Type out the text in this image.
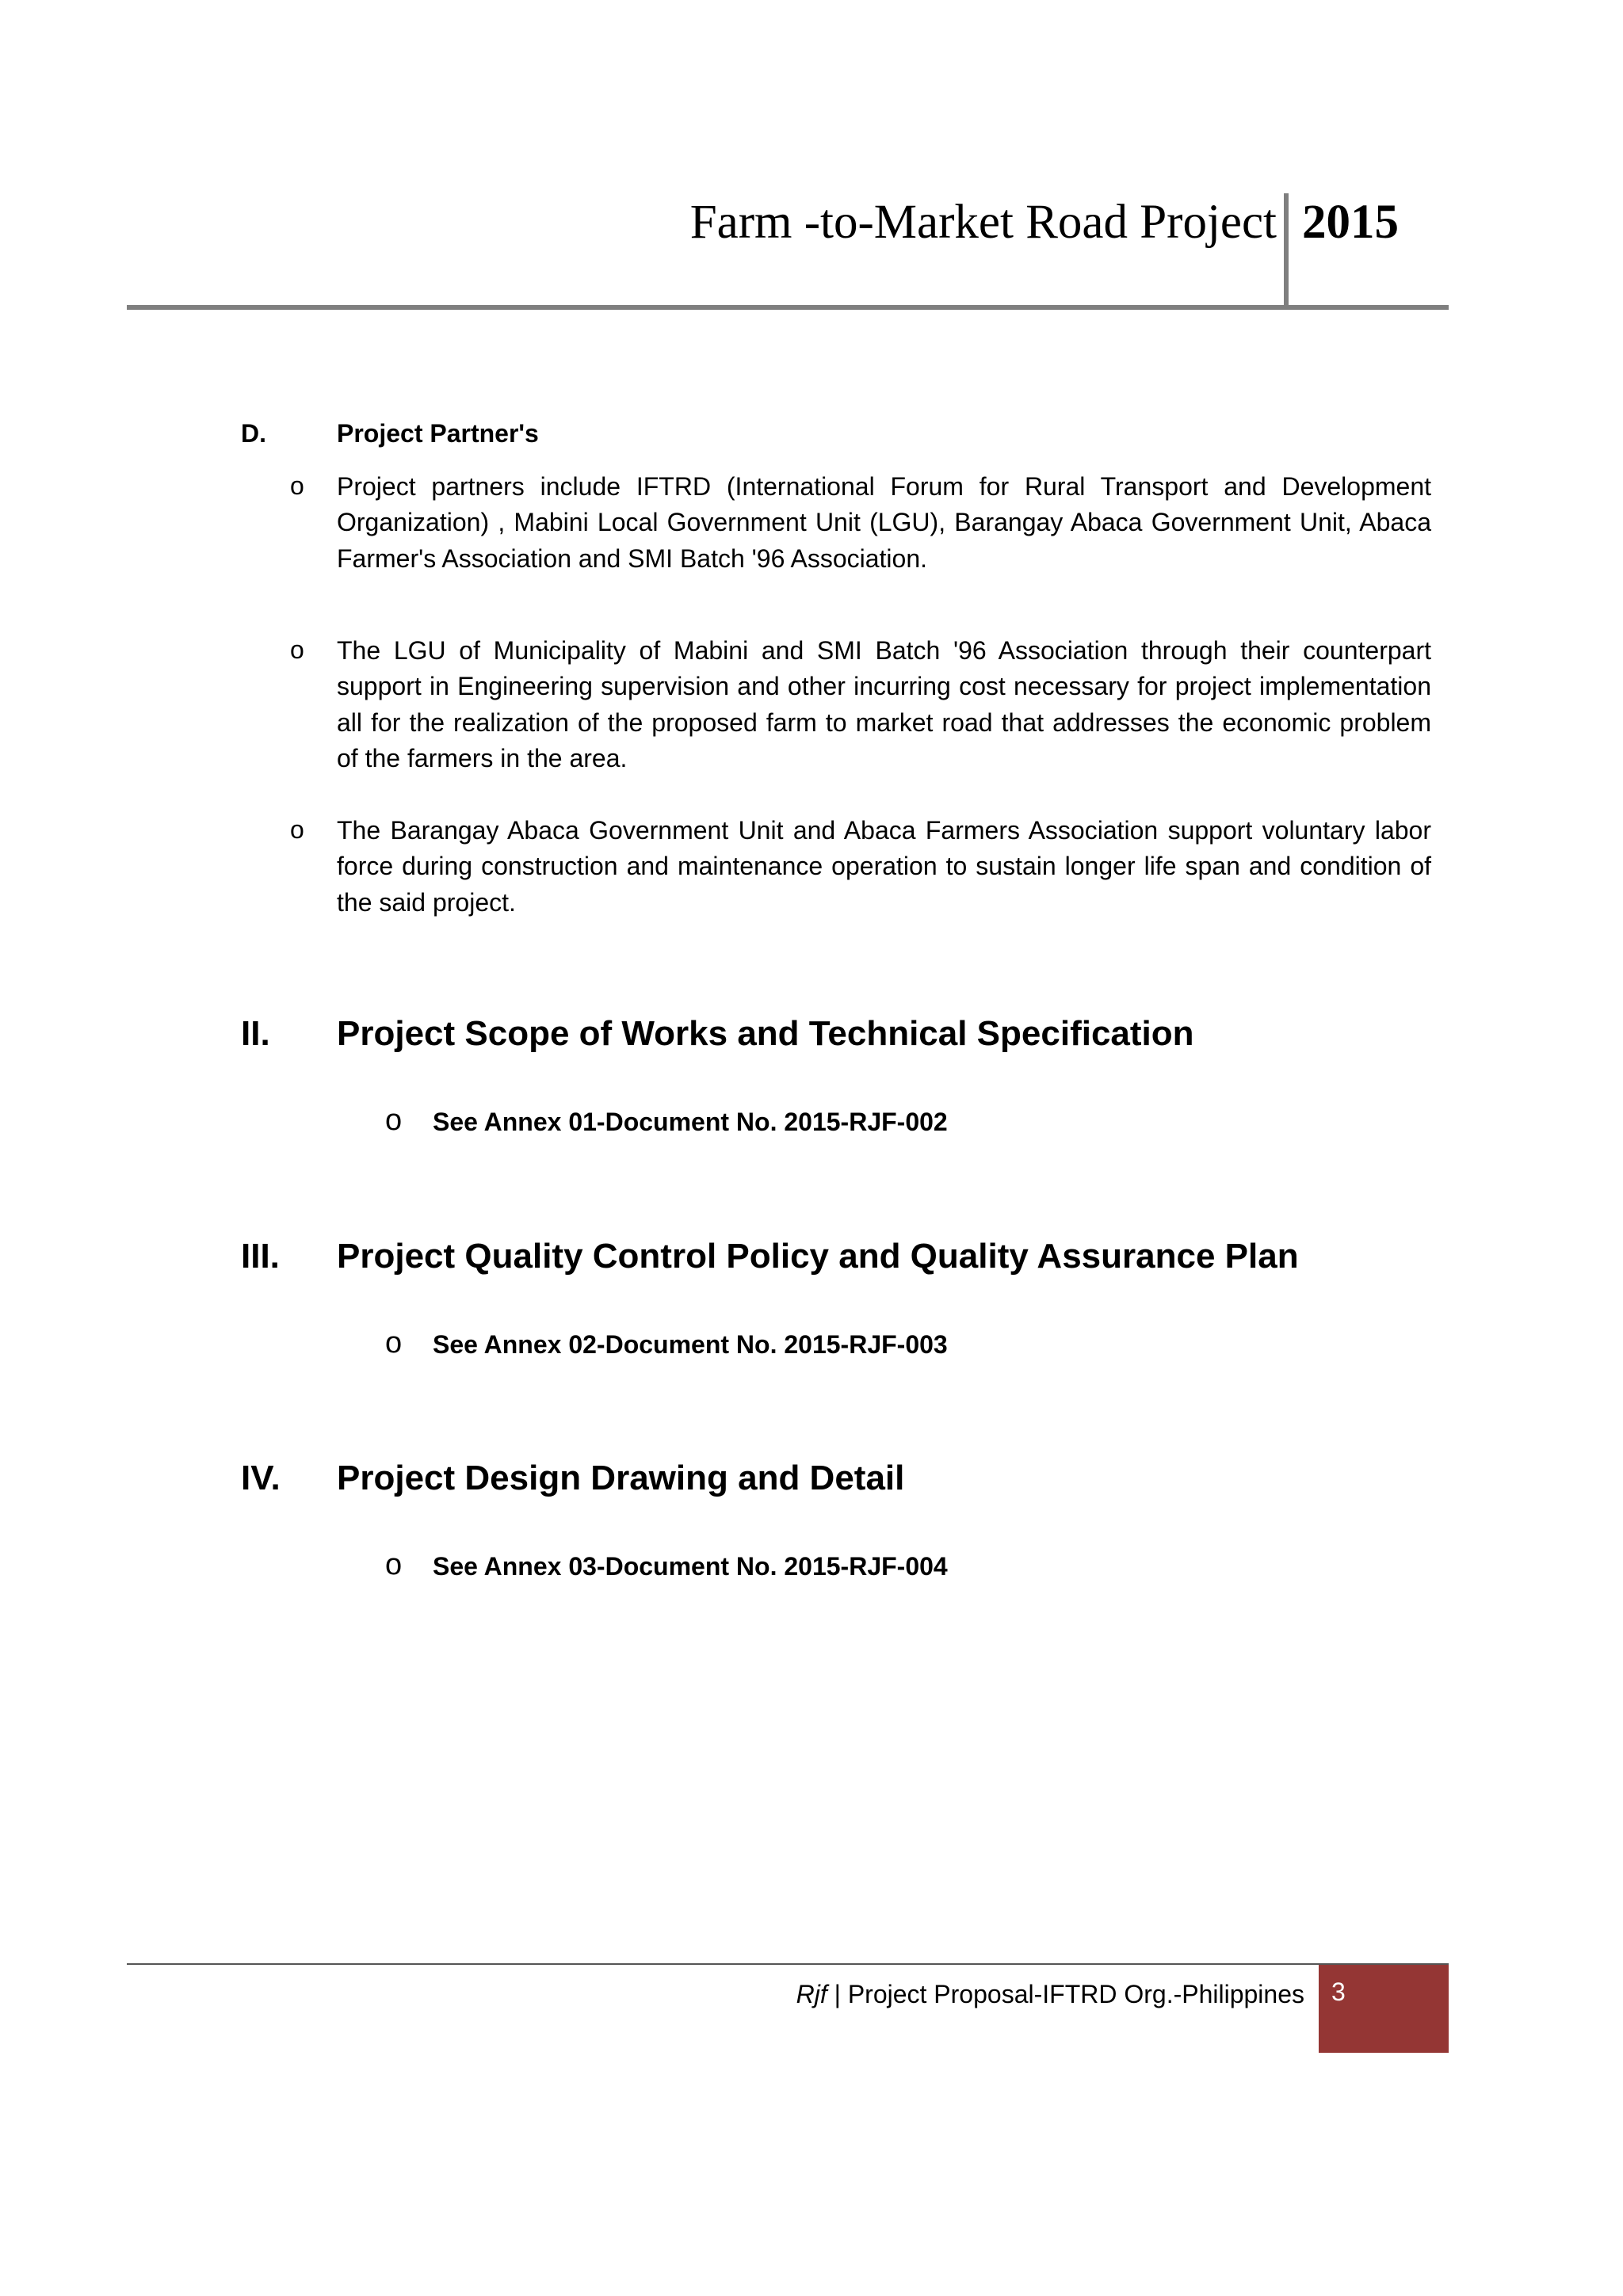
Farm -to-Market Road Project 2015
D.	Project Partner's
o Project partners include IFTRD (International Forum for Rural Transport and Development Organization) , Mabini Local Government Unit (LGU), Barangay Abaca Government Unit, Abaca Farmer's Association and SMI Batch '96 Association.
o The LGU of Municipality of Mabini and SMI Batch '96 Association through their counterpart support in Engineering supervision and other incurring cost necessary for project implementation all for the realization of the proposed farm to market road that addresses the economic problem of the farmers in the area.
o The Barangay Abaca Government Unit and Abaca Farmers Association support voluntary labor force during construction and maintenance operation to sustain longer life span and condition of the said project.
II. Project Scope of Works and Technical Specification
o See Annex 01-Document No. 2015-RJF-002
III. Project Quality Control Policy and Quality Assurance Plan
o See Annex 02-Document No. 2015-RJF-003
IV. Project Design Drawing and Detail
o See Annex 03-Document No. 2015-RJF-004
Rjf | Project Proposal-IFTRD Org.-Philippines 3
